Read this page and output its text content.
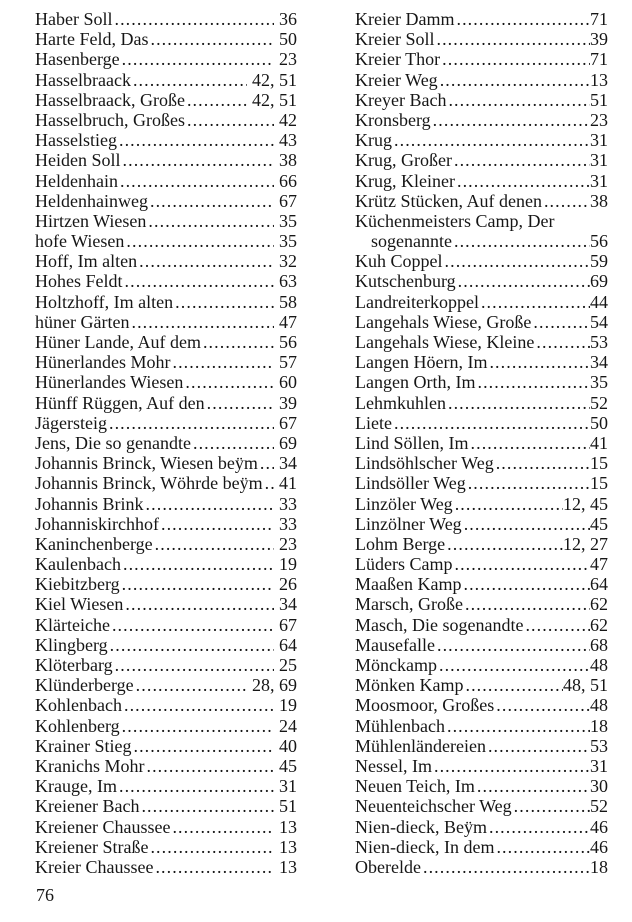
Haber Soll .....	36
Harte Feld, Das .....	50
Hasenberge .....	23
Hasselbraack .....	42, 51
Hasselbraack, Große .....	42, 51
Hasselbruch, Großes .....	42
Hasselstieg .....	43
Heiden Soll .....	38
Heldenhain .....	66
Heldenhainweg .....	67
Hirtzen Wiesen .....	35
hofe Wiesen .....	35
Hoff, Im alten .....	32
Hohes Feldt .....	63
Holtzhoff, Im alten .....	58
hüner Gärten .....	47
Hüner Lande, Auf dem .....	56
Hünerlandes Mohr .....	57
Hünerlandes Wiesen .....	60
Hünff Rüggen, Auf den .....	39
Jägersteig .....	67
Jens, Die so genandte .....	69
Johannis Brinck, Wiesen beÿm ..... 34
Johannis Brinck, Wöhrde beÿm ..... 41
Johannis Brink .....	33
Johanniskirchhof .....	33
Kaninchenberge .....	23
Kaulenbach .....	19
Kiebitzberg .....	26
Kiel Wiesen .....	34
Klärteiche .....	67
Klingberg .....	64
Klöterbarg .....	25
Klünderberge .....	28, 69
Kohlenbach .....	19
Kohlenberg .....	24
Krainer Stieg .....	40
Kranichs Mohr .....	45
Krauge, Im .....	31
Kreiener Bach .....	51
Kreiener Chaussee .....	13
Kreiener Straße .....	13
Kreier Chaussee .....	13
Kreier Damm .....	71
Kreier Soll .....	39
Kreier Thor .....	71
Kreier Weg .....	13
Kreyer Bach .....	51
Kronsberg .....	23
Krug .....	31
Krug, Großer .....	31
Krug, Kleiner .....	31
Krütz Stücken, Auf denen .....	38
Küchenmeisters Camp, Der
sogenannte .....	56
Kuh Coppel .....	59
Kutschenburg .....	69
Landreiterkoppel .....	44
Langehals Wiese, Große .....	54
Langehals Wiese, Kleine .....	53
Langen Höern, Im .....	34
Langen Orth, Im .....	35
Lehmkuhlen .....	52
Liete .....	50
Lind Söllen, Im .....	41
Lindsöhlscher Weg .....	15
Lindsöller Weg .....	15
Linzöler Weg .....	12, 45
Linzölner Weg .....	45
Lohm Berge .....	12, 27
Lüders Camp .....	47
Maaßen Kamp .....	64
Marsch, Große .....	62
Masch, Die sogenandte .....	62
Mausefalle .....	68
Mönckamp .....	48
Mönken Kamp .....	48, 51
Moosmoor, Großes .....	48
Mühlenbach .....	18
Mühlenländereien .....	53
Nessel, Im .....	31
Neuen Teich, Im .....	30
Neuenteichscher Weg .....	52
Nien-dieck, Beÿm .....	46
Nien-dieck, In dem .....	46
Oberelde .....	18
76
